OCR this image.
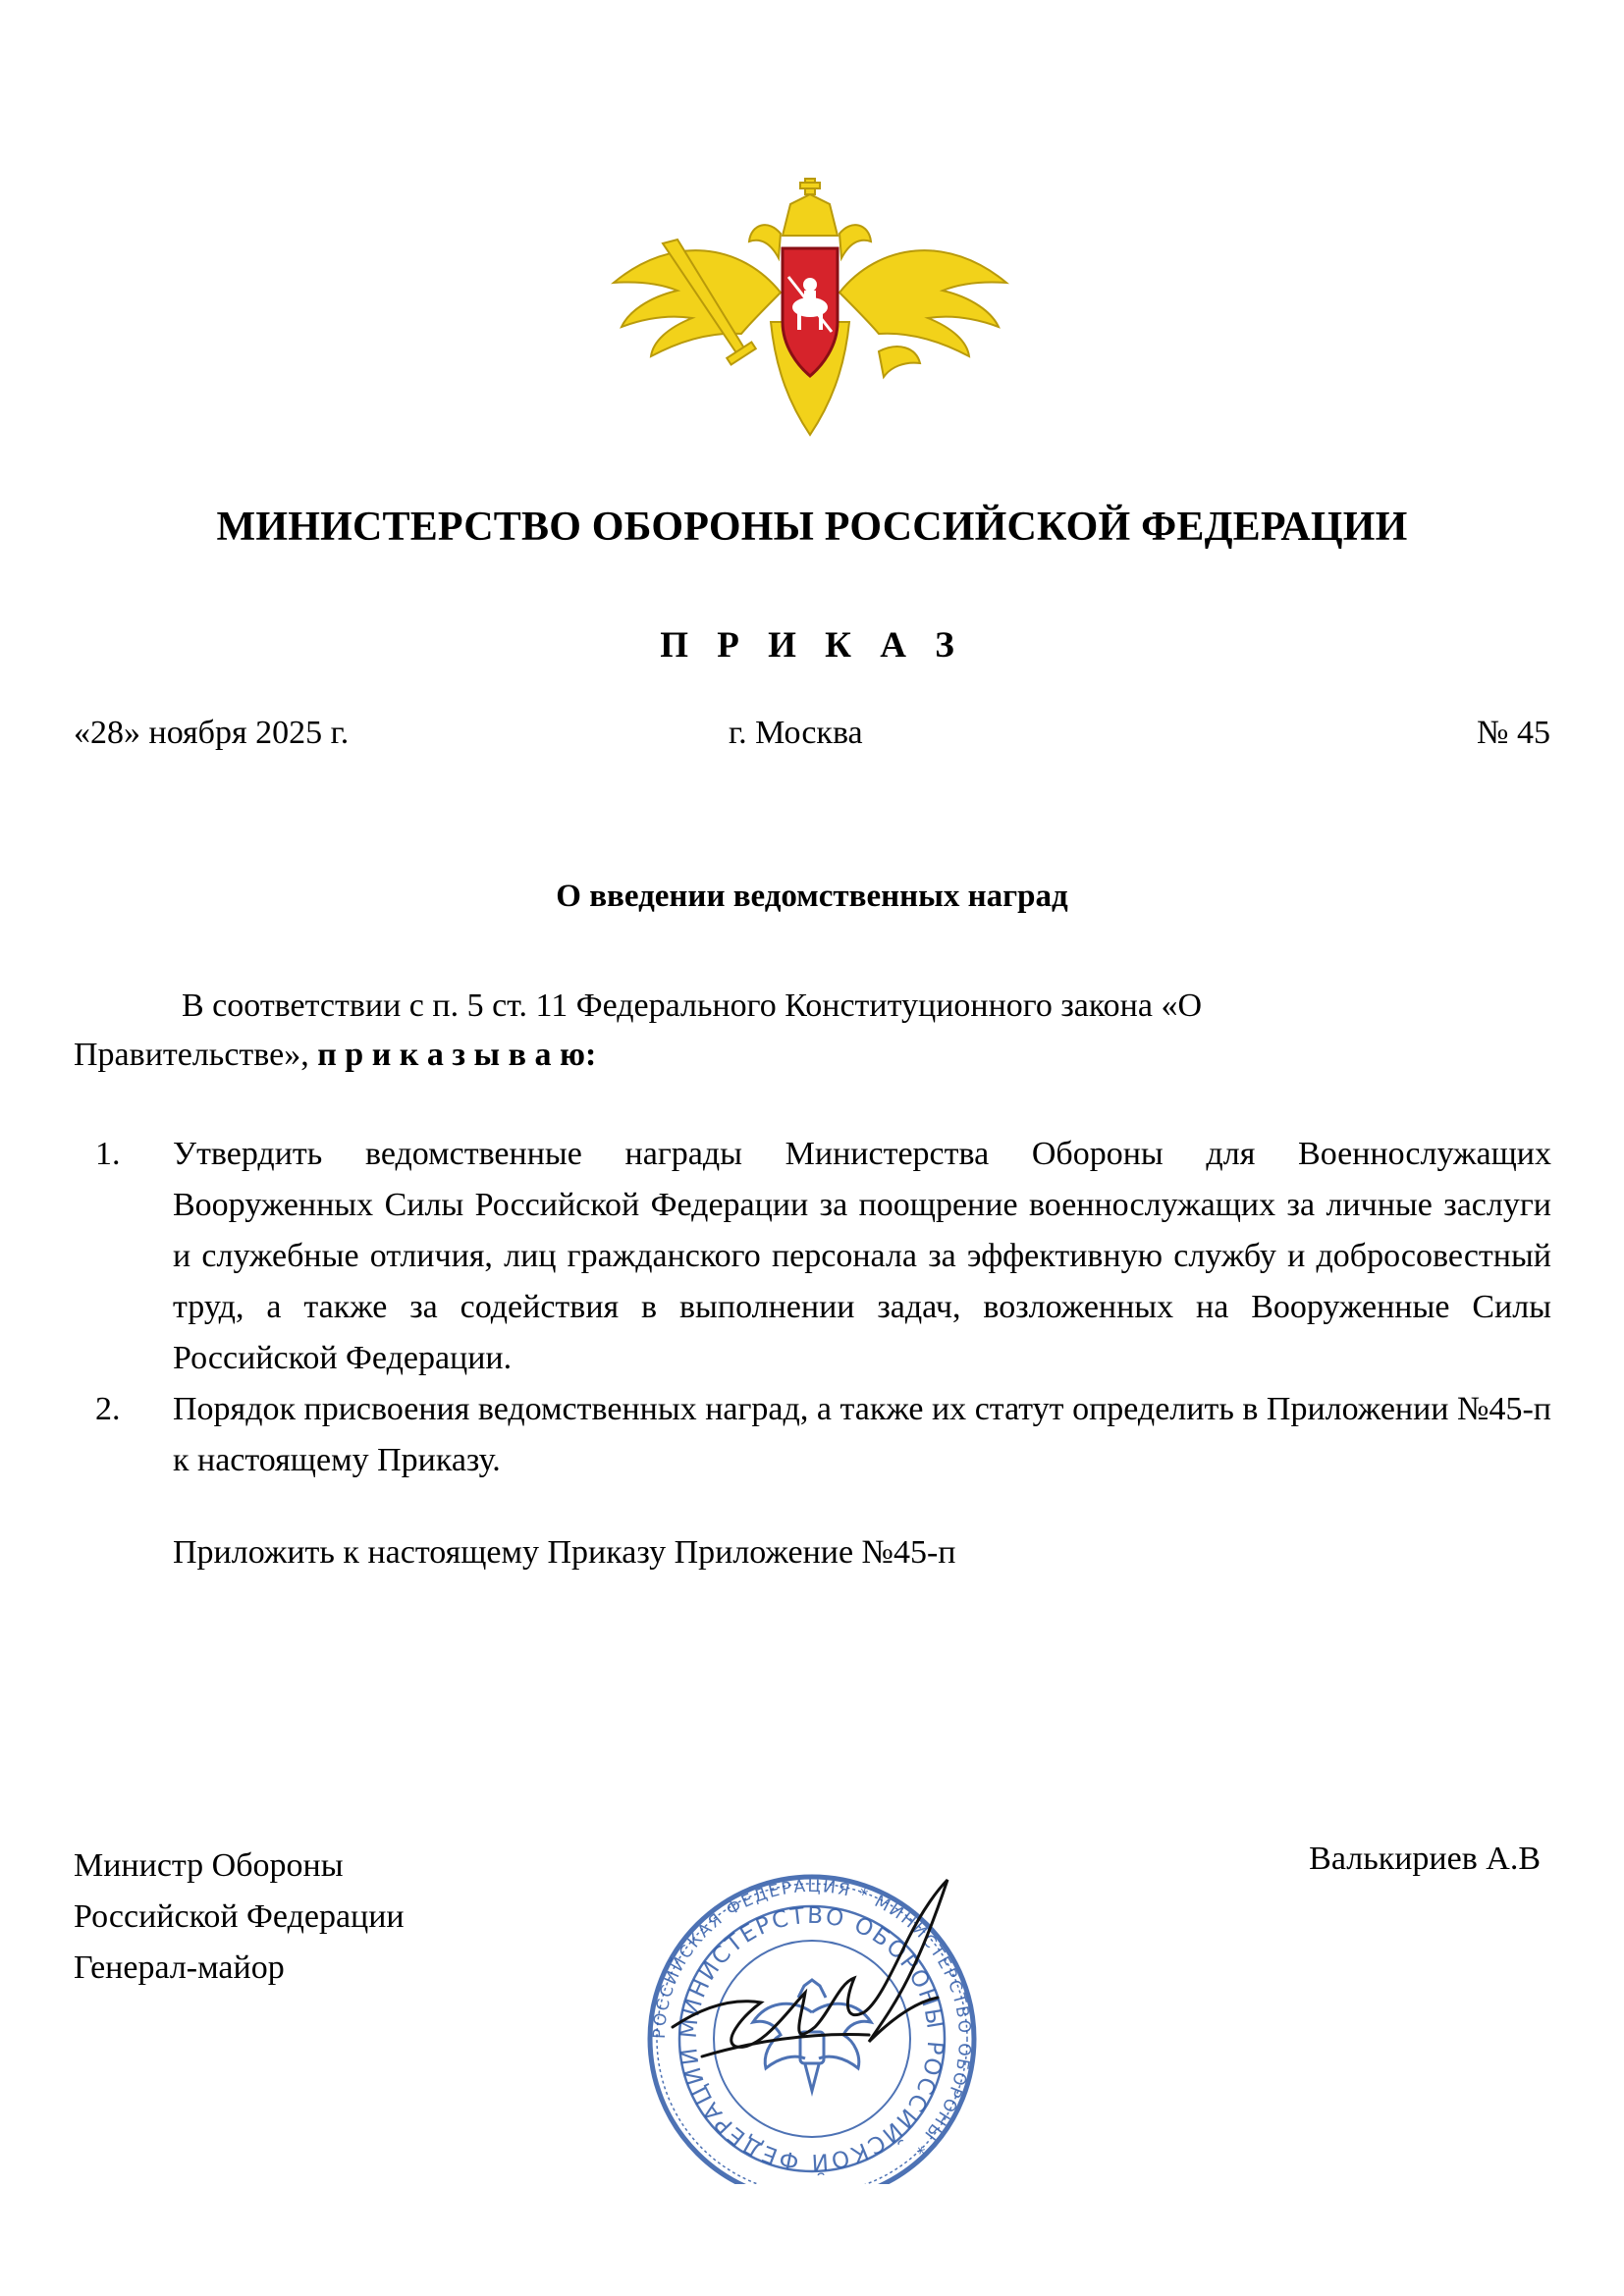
МИНИСТЕРСТВО ОБОРОНЫ РОССИЙСКОЙ ФЕДЕРАЦИИ
П Р И К А З
«28» ноября 2025 г.	г. Москва	№ 45
О введении ведомственных наград
В соответствии с п. 5 ст. 11 Федерального Конституционного закона «О
Правительстве», п р и к а з ы в а ю:
1.	Утвердить ведомственные награды Министерства Обороны для Военнослужащих Вооруженных Силы Российской Федерации за поощрение военнослужащих за личные заслуги и служебные отличия, лиц гражданского персонала за эффективную службу и добросовестный труд, а также за содействия в выполнении задач, возложенных на Вооруженные Силы Российской Федерации.
2.	Порядок присвоения ведомственных наград, а также их статут определить в Приложении №45-п к настоящему Приказу.
Приложить к настоящему Приказу Приложение №45-п
Министр Обороны
Российской Федерации
Генерал-майор
Валькириев А.В
РОССИЙСКАЯ ФЕДЕРАЦИЯ * МИНИСТЕРСТВО ОБОРОНЫ *
МИНИСТЕРСТВО ОБОРОНЫ РОССИЙСКОЙ ФЕДЕРАЦИИ
